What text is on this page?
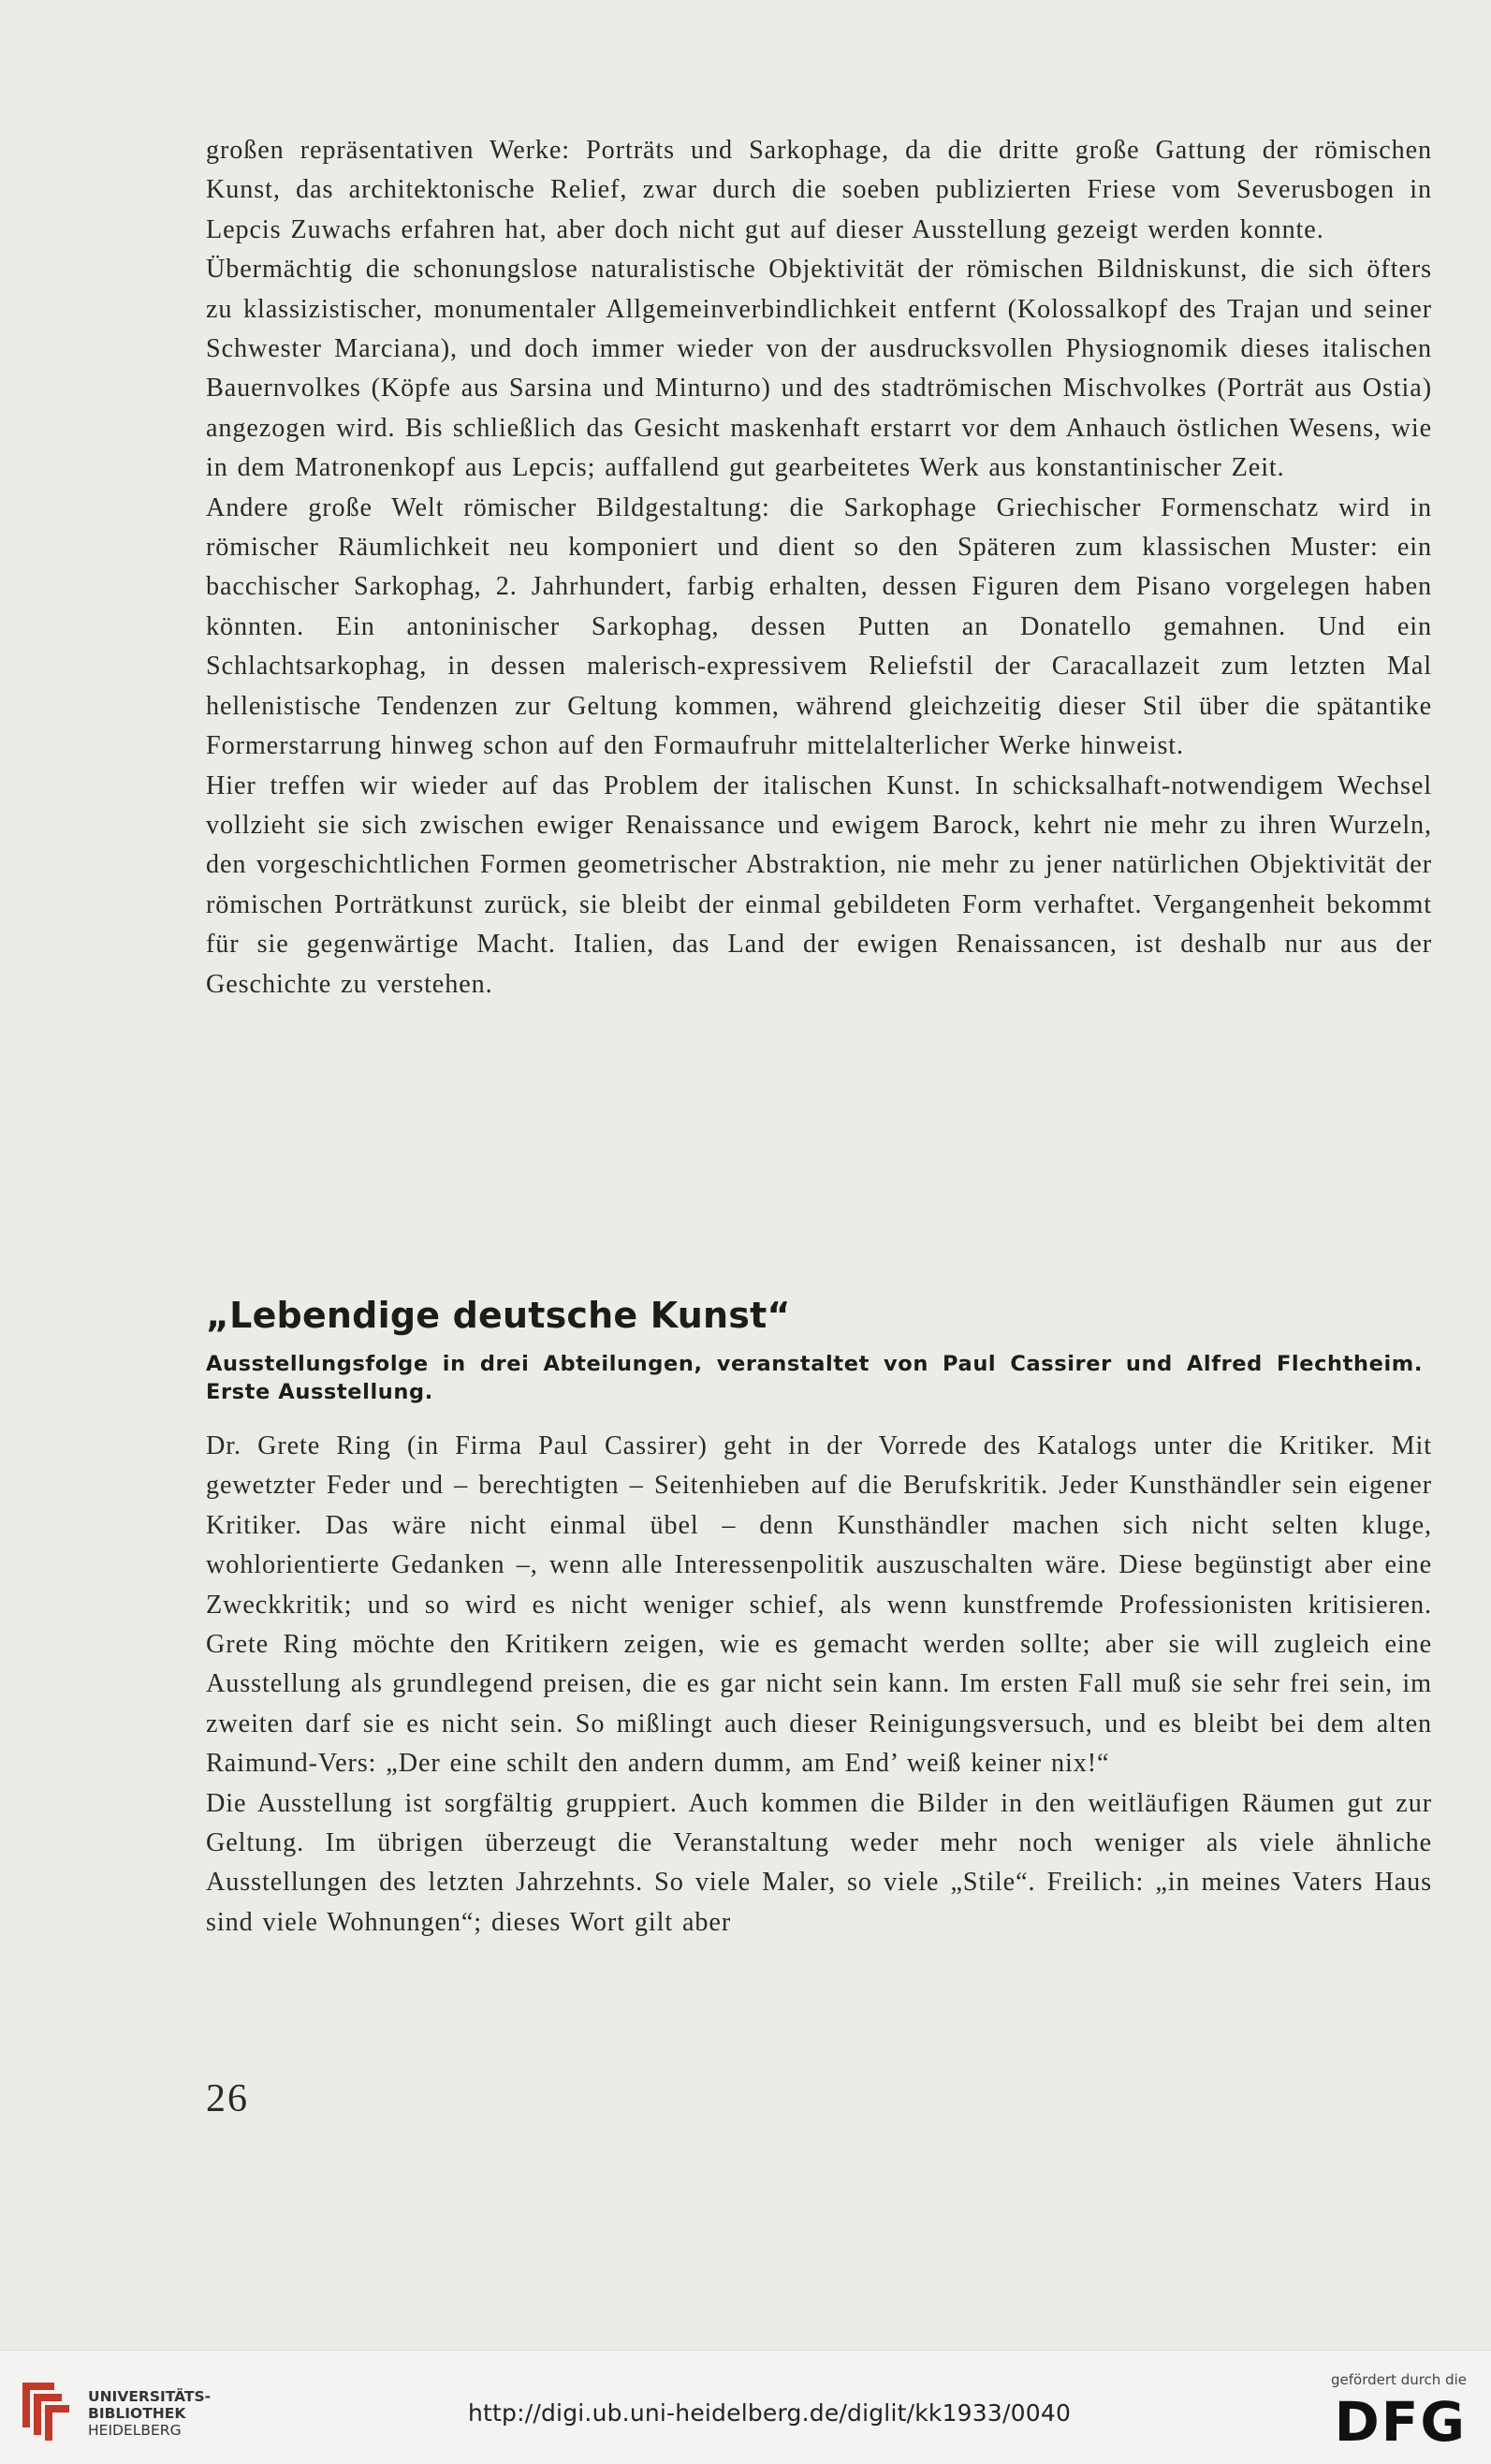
großen repräsentativen Werke: Porträts und Sarkophage, da die dritte große Gattung der römischen Kunst, das architektonische Relief, zwar durch die soeben publizierten Friese vom Severusbogen in Lepcis Zuwachs erfahren hat, aber doch nicht gut auf dieser Ausstellung gezeigt werden konnte.

Übermächtig die schonungslose naturalistische Objektivität der römischen Bildniskunst, die sich öfters zu klassizistischer, monumentaler Allgemeinverbindlichkeit entfernt (Kolossalkopf des Trajan und seiner Schwester Marciana), und doch immer wieder von der ausdrucksvollen Physiognomik dieses italischen Bauernvolkes (Köpfe aus Sarsina und Minturno) und des stadtrömischen Mischvolkes (Porträt aus Ostia) angezogen wird. Bis schließlich das Gesicht maskenhaft erstarrt vor dem Anhauch östlichen Wesens, wie in dem Matronenkopf aus Lepcis; auffallend gut gearbeitetes Werk aus konstantinischer Zeit.

Andere große Welt römischer Bildgestaltung: die Sarkophage Griechischer Formenschatz wird in römischer Räumlichkeit neu komponiert und dient so den Späteren zum klassischen Muster: ein bacchischer Sarkophag, 2. Jahrhundert, farbig erhalten, dessen Figuren dem Pisano vorgelegen haben könnten. Ein antoninischer Sarkophag, dessen Putten an Donatello gemahnen. Und ein Schlachtsarkophag, in dessen malerisch-expressivem Reliefstil der Caracallazeit zum letzten Mal hellenistische Tendenzen zur Geltung kommen, während gleichzeitig dieser Stil über die spätantike Formerstarrung hinweg schon auf den Formaufruhr mittelalterlicher Werke hinweist.

Hier treffen wir wieder auf das Problem der italischen Kunst. In schicksalhaft-notwendigem Wechsel vollzieht sie sich zwischen ewiger Renaissance und ewigem Barock, kehrt nie mehr zu ihren Wurzeln, den vorgeschichtlichen Formen geometrischer Abstraktion, nie mehr zu jener natürlichen Objektivität der römischen Porträtkunst zurück, sie bleibt der einmal gebildeten Form verhaftet. Vergangenheit bekommt für sie gegenwärtige Macht. Italien, das Land der ewigen Renaissancen, ist deshalb nur aus der Geschichte zu verstehen.

„Lebendige deutsche Kunst“

Ausstellungsfolge in drei Abteilungen, veranstaltet von Paul Cassirer und Alfred Flechtheim. Erste Ausstellung.

Dr. Grete Ring (in Firma Paul Cassirer) geht in der Vorrede des Katalogs unter die Kritiker. Mit gewetzter Feder und – berechtigten – Seitenhieben auf die Berufskritik. Jeder Kunsthändler sein eigener Kritiker. Das wäre nicht einmal übel – denn Kunsthändler machen sich nicht selten kluge, wohlorientierte Gedanken –, wenn alle Interessenpolitik auszuschalten wäre. Diese begünstigt aber eine Zweckkritik; und so wird es nicht weniger schief, als wenn kunstfremde Professionisten kritisieren. Grete Ring möchte den Kritikern zeigen, wie es gemacht werden sollte; aber sie will zugleich eine Ausstellung als grundlegend preisen, die es gar nicht sein kann. Im ersten Fall muß sie sehr frei sein, im zweiten darf sie es nicht sein. So mißlingt auch dieser Reinigungsversuch, und es bleibt bei dem alten Raimund-Vers: „Der eine schilt den andern dumm, am End’ weiß keiner nix!“

Die Ausstellung ist sorgfältig gruppiert. Auch kommen die Bilder in den weitläufigen Räumen gut zur Geltung. Im übrigen überzeugt die Veranstaltung weder mehr noch weniger als viele ähnliche Ausstellungen des letzten Jahrzehnts. So viele Maler, so viele „Stile“. Freilich: „in meines Vaters Haus sind viele Wohnungen“; dieses Wort gilt aber

26
UNIVERSITÄTS-
BIBLIOTHEK
HEIDELBERG
http://digi.ub.uni-heidelberg.de/diglit/kk1933/0040
gefördert durch die
DFG
